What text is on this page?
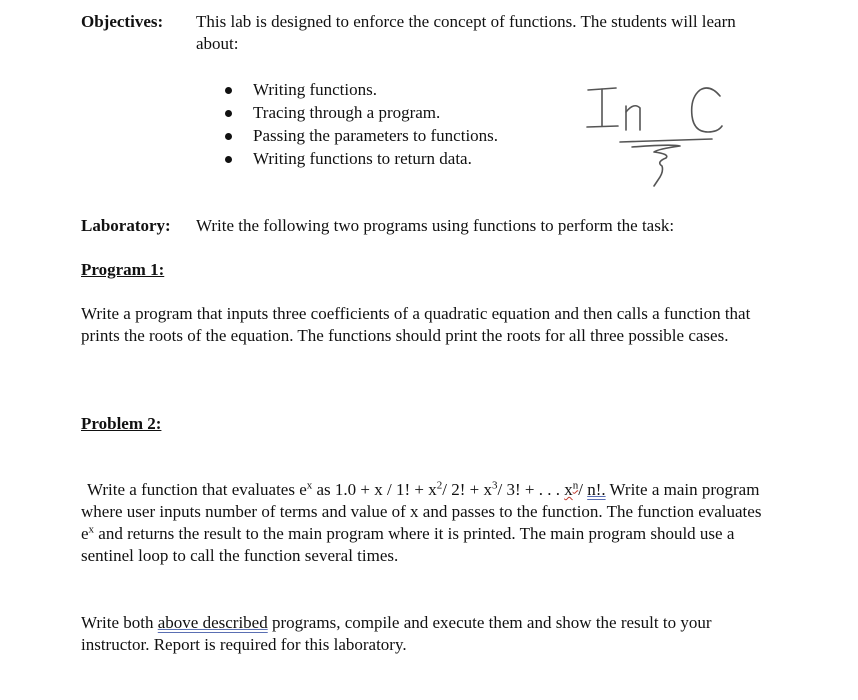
Objectives: This lab is designed to enforce the concept of functions. The students will learn about:
Writing functions.
Tracing through a program.
Passing the parameters to functions.
Writing functions to return data.
Laboratory: Write the following two programs using functions to perform the task:
Program 1:
Write a program that inputs three coefficients of a quadratic equation and then calls a function that prints the roots of the equation. The functions should print the roots for all three possible cases.
Problem 2:
Write a function that evaluates $e^x$ as 1.0 + x / 1! + $x^2/$ 2! + $x^3/$ 3! + . . . $x^n/$ n!. Write a main program where user inputs number of terms and value of x and passes to the function. The function evaluates $e^x$ and returns the result to the main program where it is printed. The main program should use a sentinel loop to call the function several times.
Write both above described programs, compile and execute them and show the result to your instructor. Report is required for this laboratory.
